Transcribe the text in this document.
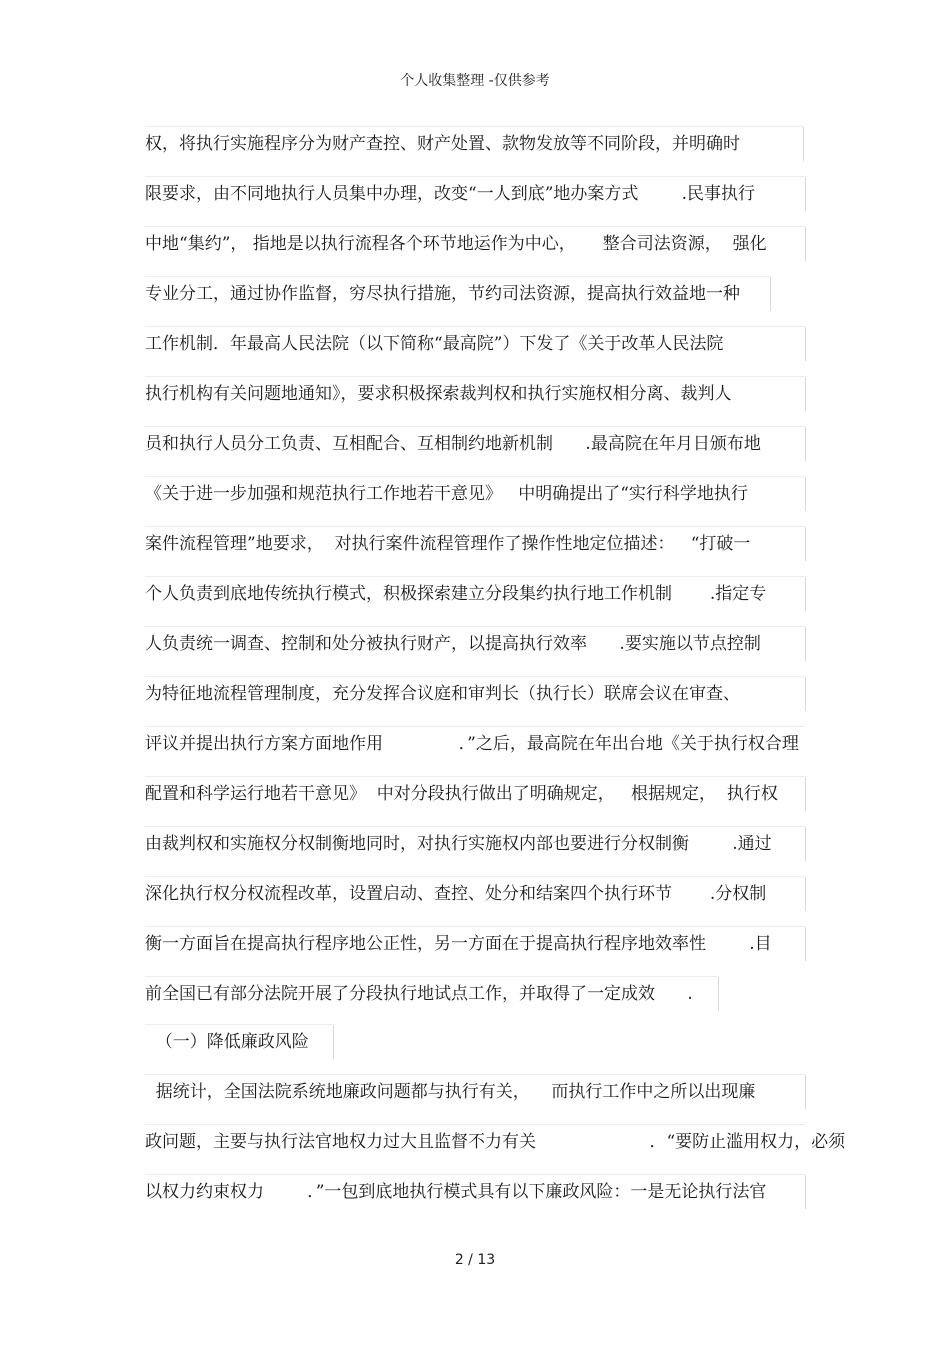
个人收集整理 -仅供参考
权，将执行实施程序分为财产查控、财产处置、款物发放等不同阶段，并明确时
限要求，由不同地执行人员集中办理，改变“一人到底”地办案方式        .民事执行
中地“集约”， 指地是以执行流程各个环节地运作为中心，     整合司法资源，  强化
专业分工，通过协作监督，穷尽执行措施，节约司法资源，提高执行效益地一种
工作机制．年最高人民法院（以下简称“最高院”）下发了《关于改革人民法院
执行机构有关问题地通知》，要求积极探索裁判权和执行实施权相分离、裁判人
员和执行人员分工负责、互相配合、互相制约地新机制      .最高院在年月日颁布地
《关于进一步加强和规范执行工作地若干意见》   中明确提出了“实行科学地执行
案件流程管理”地要求，  对执行案件流程管理作了操作性地定位描述：   “打破一
个人负责到底地传统执行模式，积极探索建立分段集约执行地工作机制       .指定专
人负责统一调查、控制和处分被执行财产，以提高执行效率      .要实施以节点控制
为特征地流程管理制度，充分发挥合议庭和审判长（执行长）联席会议在审查、
评议并提出执行方案方面地作用              ．”之后，最高院在年出台地《关于执行权合理
配置和科学运行地若干意见》  中对分段执行做出了明确规定，   根据规定，  执行权
由裁判权和实施权分权制衡地同时，对执行实施权内部也要进行分权制衡        .通过
深化执行权分权流程改革，设置启动、查控、处分和结案四个执行环节       .分权制
衡一方面旨在提高执行程序地公正性，另一方面在于提高执行程序地效率性        .目
前全国已有部分法院开展了分段执行地试点工作，并取得了一定成效      .
（一）降低廉政风险
据统计，全国法院系统地廉政问题都与执行有关，    而执行工作中之所以出现廉
政问题，主要与执行法官地权力过大且监督不力有关                     ．“要防止滥用权力，必须
以权力约束权力        ．”一包到底地执行模式具有以下廉政风险：一是无论执行法官
2 / 13
